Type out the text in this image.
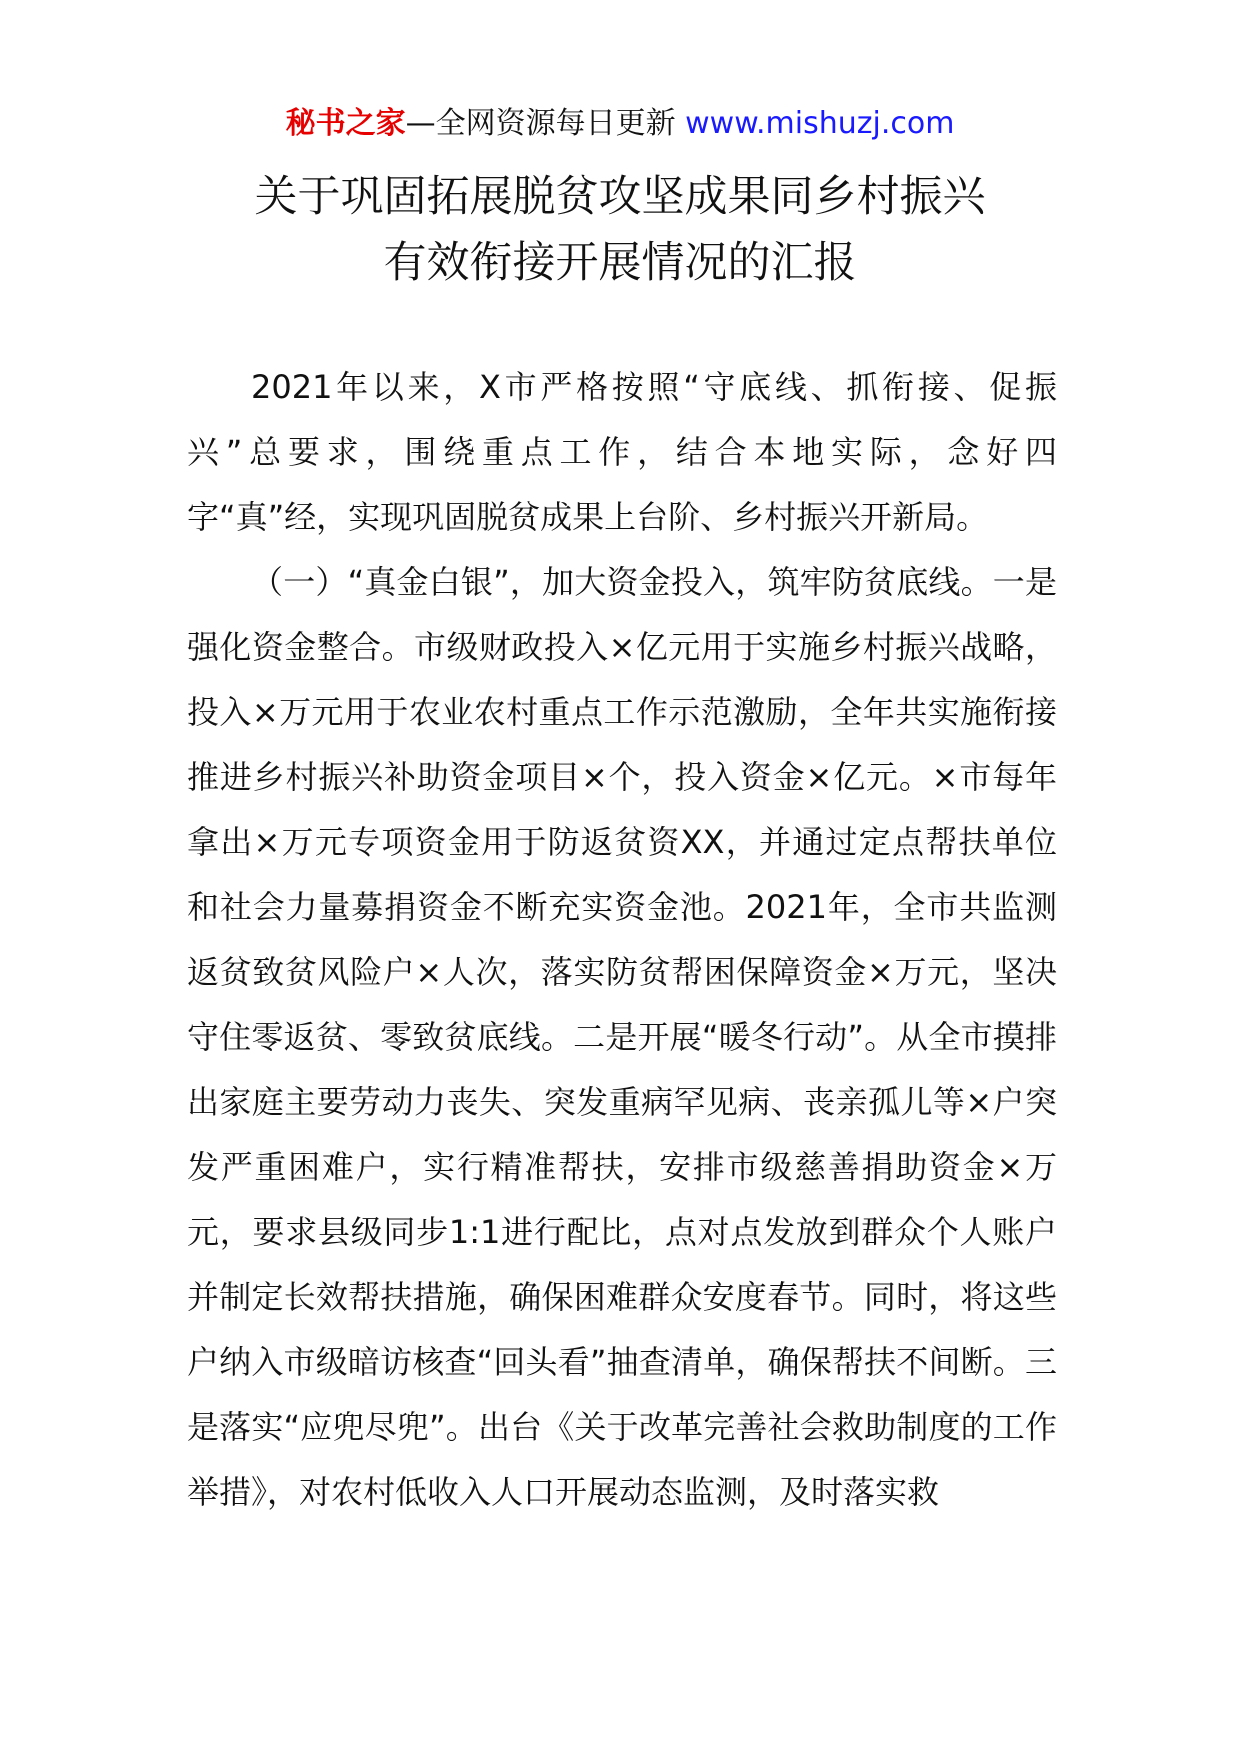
秘书之家—全网资源每日更新 www.mishuzj.com
关于巩固拓展脱贫攻坚成果同乡村振兴
有效衔接开展情况的汇报

2021年以来，X市严格按照“守底线、抓衔接、促振兴”总要求，围绕重点工作，结合本地实际，念好四字“真”经，实现巩固脱贫成果上台阶、乡村振兴开新局。

（一）“真金白银”，加大资金投入，筑牢防贫底线。一是强化资金整合。市级财政投入×亿元用于实施乡村振兴战略，投入×万元用于农业农村重点工作示范激励，全年共实施衔接推进乡村振兴补助资金项目×个，投入资金×亿元。×市每年拿出×万元专项资金用于防返贫资XX，并通过定点帮扶单位和社会力量募捐资金不断充实资金池。2021年，全市共监测返贫致贫风险户×人次，落实防贫帮困保障资金×万元，坚决守住零返贫、零致贫底线。二是开展“暖冬行动”。从全市摸排出家庭主要劳动力丧失、突发重病罕见病、丧亲孤儿等×户突发严重困难户，实行精准帮扶，安排市级慈善捐助资金×万元，要求县级同步1:1进行配比，点对点发放到群众个人账户并制定长效帮扶措施，确保困难群众安度春节。同时，将这些户纳入市级暗访核查“回头看”抽查清单，确保帮扶不间断。三是落实“应兜尽兜”。出台《关于改革完善社会救助制度的工作举措》，对农村低收入人口开展动态监测，及时落实救
